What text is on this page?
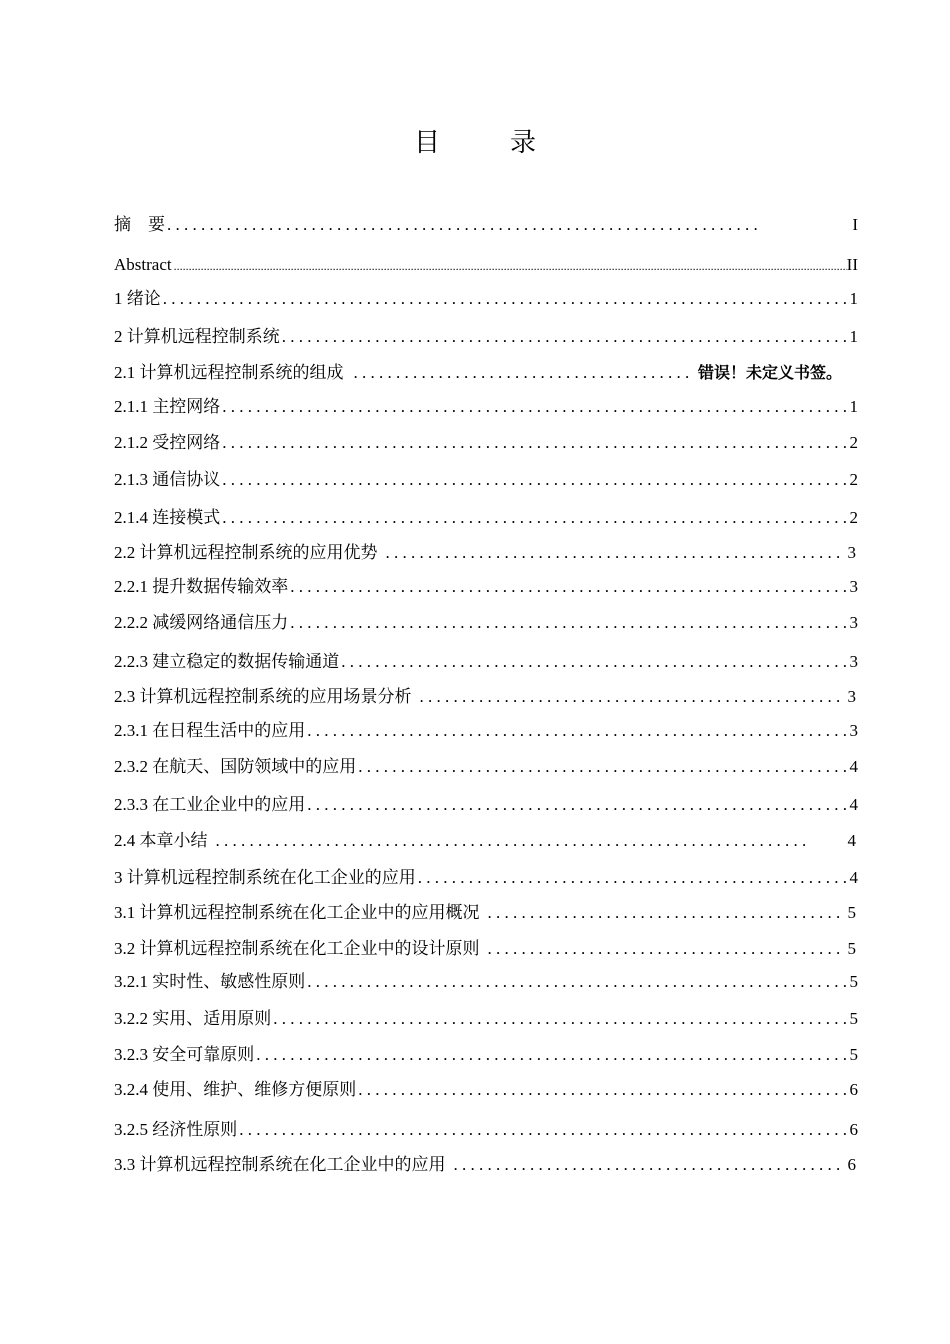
目　录
摘　要 . .	I
Abstract .....	II
1 绪论 . . .	1
2 计算机远程控制系统 . . .	1
2.1 计算机远程控制系统的组成 . .	错误！未定义书签。
2.1.1 主控网络 . . .	1
2.1.2 受控网络 . . .	2
2.1.3 通信协议 . . .	2
2.1.4 连接模式 . . .	2
2.2 计算机远程控制系统的应用优势 . .	3
2.2.1 提升数据传输效率 . . .	3
2.2.2 减缓网络通信压力 . . .	3
2.2.3 建立稳定的数据传输通道 . . .	3
2.3 计算机远程控制系统的应用场景分析 . .	3
2.3.1 在日程生活中的应用 . . .	3
2.3.2 在航天、国防领域中的应用 . . .	4
2.3.3 在工业企业中的应用 . . .	4
2.4 本章小结 . .	4
3 计算机远程控制系统在化工企业的应用 . . .	4
3.1 计算机远程控制系统在化工企业中的应用概况 . .	5
3.2 计算机远程控制系统在化工企业中的设计原则 . .	5
3.2.1 实时性、敏感性原则 . . .	5
3.2.2 实用、适用原则 . . .	5
3.2.3 安全可靠原则 . . .	5
3.2.4 使用、维护、维修方便原则 . . .	6
3.2.5 经济性原则 . . .	6
3.3 计算机远程控制系统在化工企业中的应用 . .	6
